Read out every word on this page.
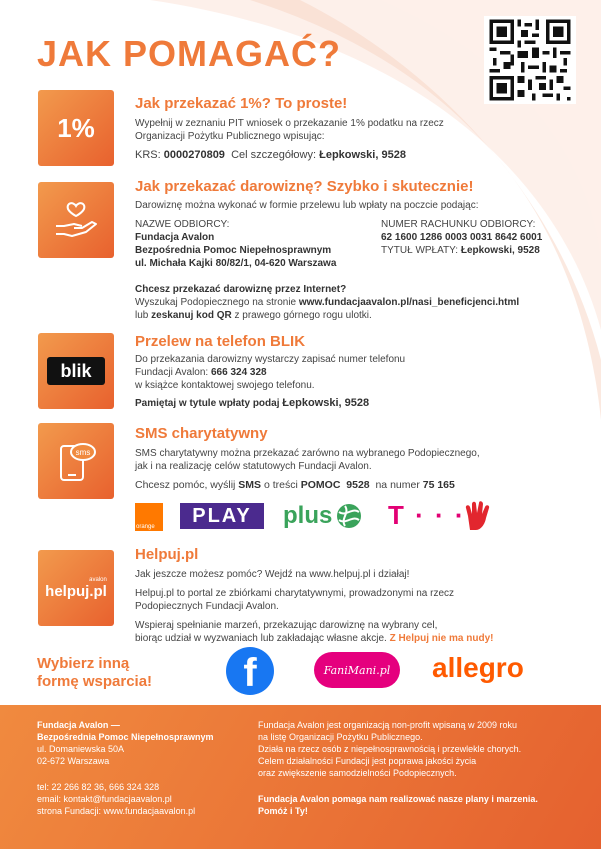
JAK POMAGAĆ?
1%
Jak przekazać 1%? To proste!
Wypełnij w zeznaniu PIT wniosek o przekazanie 1% podatku na rzecz
Organizacji Pożytku Publicznego wpisując:
KRS: 0000270809 Cel szczegółowy: Łepkowski, 9528
Jak przekazać darowiznę? Szybko i skutecznie!
Darowiznę można wykonać w formie przelewu lub wpłaty na poczcie podając:
NAZWE ODBIORCY:
Fundacja Avalon
Bezpośrednia Pomoc Niepełnosprawnym
ul. Michała Kajki 80/82/1, 04-620 Warszawa
NUMER RACHUNKU ODBIORCY:
62 1600 1286 0003 0031 8642 6001
TYTUŁ WPŁATY: Łepkowski, 9528
Chcesz przekazać darowiznę przez Internet?
Wyszukaj Podopiecznego na stronie www.fundacjaavalon.pl/nasi_beneficjenci.html
lub zeskanuj kod QR z prawego górnego rogu ulotki.
blik
Przelew na telefon BLIK
Do przekazania darowizny wystarczy zapisać numer telefonu
Fundacji Avalon: 666 324 328
w książce kontaktowej swojego telefonu.
Pamiętaj w tytule wpłaty podaj Łepkowski, 9528
sms
SMS charytatywny
SMS charytatywny można przekazać zarówno na wybranego Podopiecznego,
jak i na realizację celów statutowych Fundacji Avalon.
Chcesz pomóc, wyślij SMS o treści POMOC 9528 na numer 75 165
orange	PLAY	plus T · · ·
avalon
helpuj.pl
Helpuj.pl
Jak jeszcze możesz pomóc? Wejdź na www.helpuj.pl i działaj!
Helpuj.pl to portal ze zbiórkami charytatywnymi, prowadzonymi na rzecz
Podopiecznych Fundacji Avalon.
Wspieraj spełnianie marzeń, przekazując darowiznę na wybrany cel,
biorąc udział w wyzwaniach lub zakładając własne akcje. Z Helpuj nie ma nudy!
Wybierz inną
formę wsparcia! f	FaniMani.pl allegro

Fundacja Avalon —

Bezpośrednia Pomoc Niepełnosprawnym

ul. Domaniewska 50A

02-672 Warszawa

tel: 22 266 82 36, 666 324 328

email: kontakt@fundacjaavalon.pl

strona Fundacji: www.fundacjaavalon.pl

Fundacja Avalon jest organizacją non-profit wpisaną w 2009 roku

na listę Organizacji Pożytku Publicznego.

Działa na rzecz osób z niepełnosprawnością i przewlekle chorych.

Celem działalności Fundacji jest poprawa jakości życia

oraz zwiększenie samodzielności Podopiecznych.

Fundacja Avalon pomaga nam realizować nasze plany i marzenia.

Pomóż i Ty!
